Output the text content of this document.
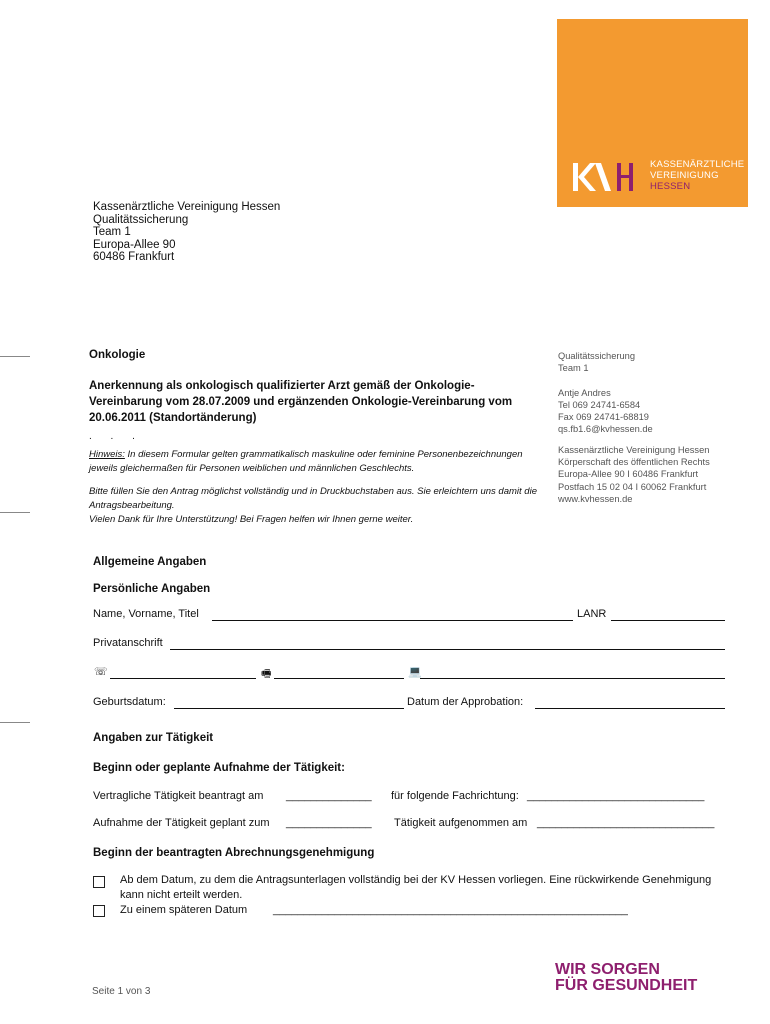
KASSENÄRZTLICHE
VEREINIGUNG
HESSEN
Kassenärztliche Vereinigung Hessen
Qualitätssicherung
Team 1
Europa-Allee 90
60486 Frankfurt
Onkologie
Anerkennung als onkologisch qualifizierter Arzt gemäß der Onkologie-Vereinbarung vom 28.07.2009 und ergänzenden Onkologie-Vereinbarung vom 20.06.2011 (Standortänderung)
. . .
Hinweis: In diesem Formular gelten grammatikalisch maskuline oder feminine Personenbezeichnungen jeweils gleichermaßen für Personen weiblichen und männlichen Geschlechts.
Bitte füllen Sie den Antrag möglichst vollständig und in Druckbuchstaben aus. Sie erleichtern uns damit die Antragsbearbeitung.
Vielen Dank für Ihre Unterstützung! Bei Fragen helfen wir Ihnen gerne weiter.
Qualitätssicherung
Team 1
Antje Andres
Tel 069 24741-6584
Fax 069 24741-68819
qs.fb1.6@kvhessen.de
Kassenärztliche Vereinigung Hessen
Körperschaft des öffentlichen Rechts
Europa-Allee 90 I 60486 Frankfurt
Postfach 15 02 04 I 60062 Frankfurt
www.kvhessen.de
Allgemeine Angaben
Persönliche Angaben
Name, Vorname, Titel	LANR
Privatanschrift
☏	🖷	💻
Geburtsdatum:	Datum der Approbation:
Angaben zur Tätigkeit
Beginn oder geplante Aufnahme der Tätigkeit:
Vertragliche Tätigkeit beantragt am ______________ für folgende Fachrichtung: _____________________________
Aufnahme der Tätigkeit geplant zum ______________ Tätigkeit aufgenommen am _____________________________
Beginn der beantragten Abrechnungsgenehmigung
Ab dem Datum, zu dem die Antragsunterlagen vollständig bei der KV Hessen vorliegen. Eine rückwirkende Genehmigung
kann nicht erteilt werden.
Zu einem späteren Datum __________________________________________________________
WIR SORGEN
FÜR GESUNDHEIT
Seite 1 von 3
